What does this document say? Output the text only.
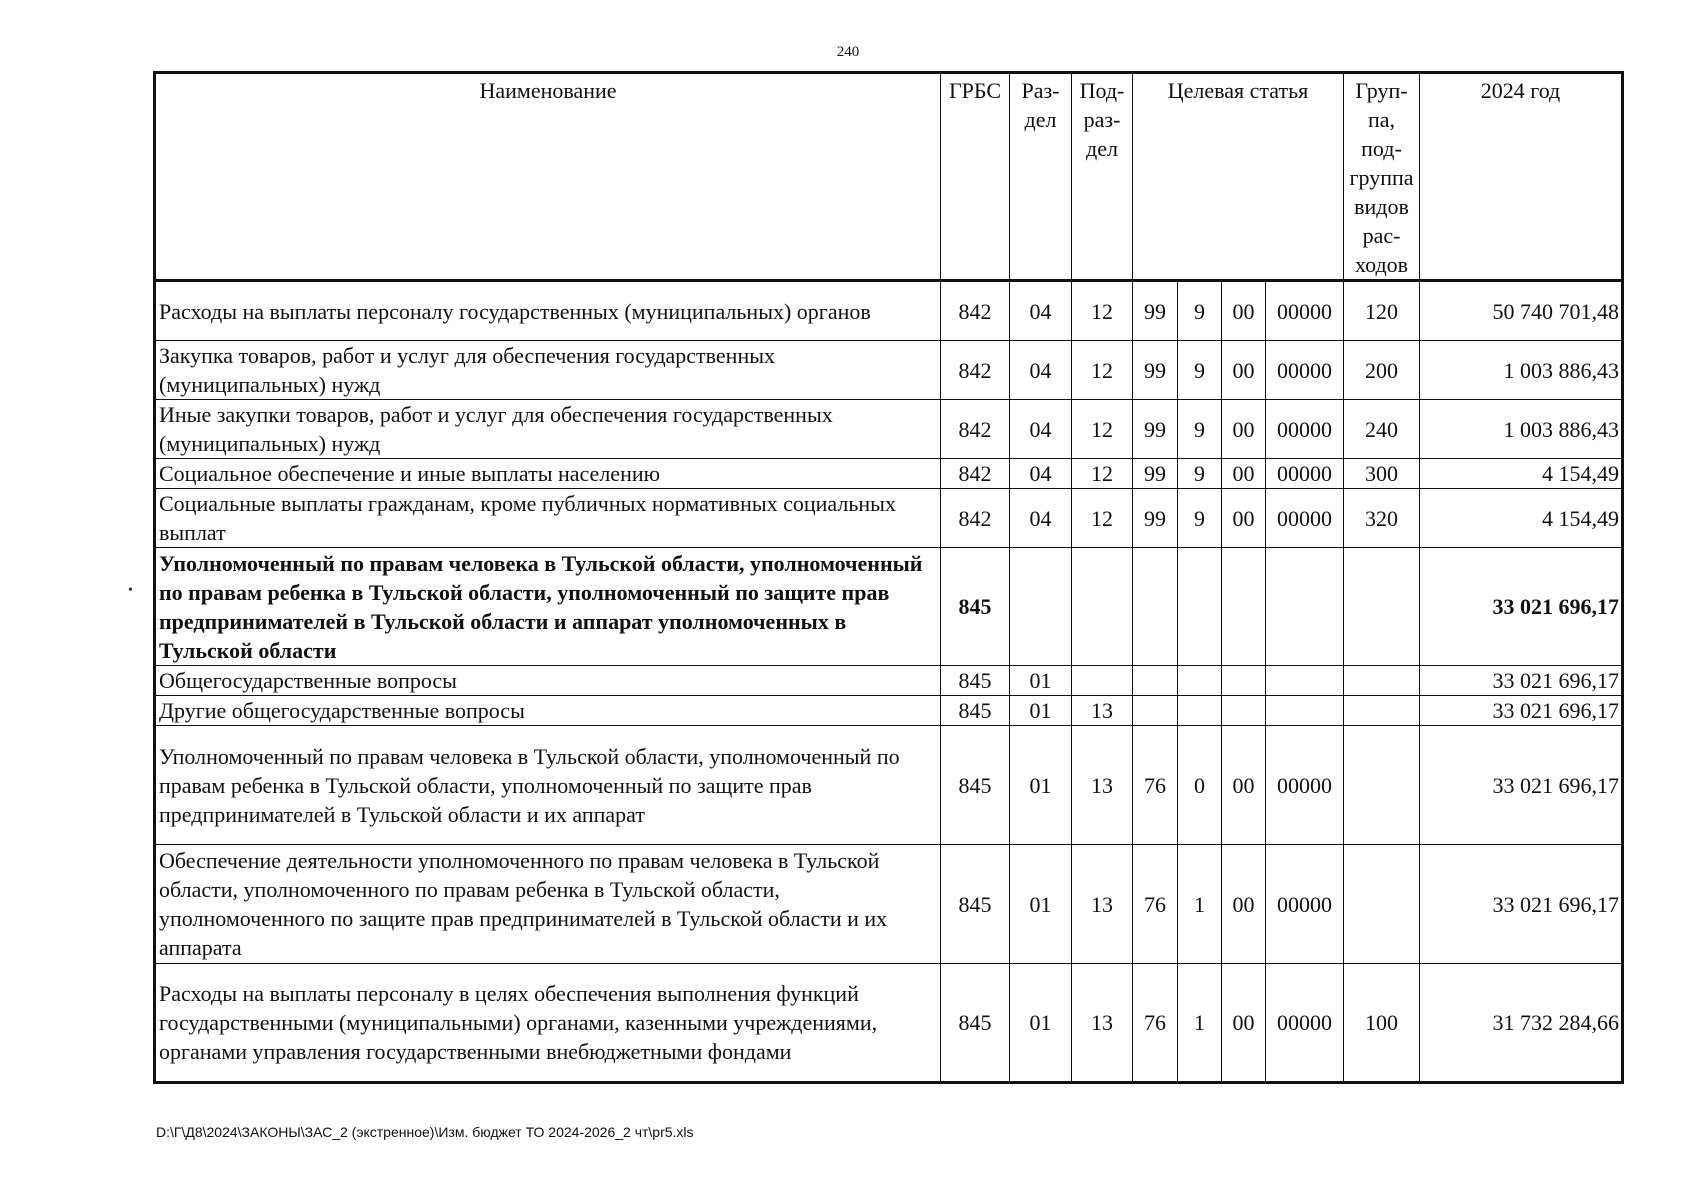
240
Наименование	ГРБС	Раз-дел	Под-раз-дел	Целевая статья				Груп-па, под-группа видов рас-ходов	2024 год
Расходы на выплаты персоналу государственных (муниципальных) органов	842	04	12	99	9	00	00000	120	50 740 701,48
Закупка товаров, работ и услуг для обеспечения государственных (муниципальных) нужд	842	04	12	99	9	00	00000	200	1 003 886,43
Иные закупки товаров, работ и услуг для обеспечения государственных (муниципальных) нужд	842	04	12	99	9	00	00000	240	1 003 886,43
Социальное обеспечение и иные выплаты населению	842	04	12	99	9	00	00000	300	4 154,49
Социальные выплаты гражданам, кроме публичных нормативных социальных выплат	842	04	12	99	9	00	00000	320	4 154,49
Уполномоченный по правам человека в Тульской области, уполномоченный по правам ребенка в Тульской области, уполномоченный по защите прав предпринимателей в Тульской области и аппарат уполномоченных в Тульской области	845								33 021 696,17
Общегосударственные вопросы	845	01							33 021 696,17
Другие общегосударственные вопросы	845	01	13						33 021 696,17
Уполномоченный по правам человека в Тульской области, уполномоченный по правам ребенка в Тульской области, уполномоченный по защите прав предпринимателей в Тульской области и их аппарат	845	01	13	76	0	00	00000		33 021 696,17
Обеспечение деятельности уполномоченного по правам человека в Тульской области, уполномоченного по правам ребенка в Тульской области, уполномоченного по защите прав предпринимателей в Тульской области и их аппарата	845	01	13	76	1	00	00000		33 021 696,17
Расходы на выплаты персоналу в целях обеспечения выполнения функций государственными (муниципальными) органами, казенными учреждениями, органами управления государственными внебюджетными фондами	845	01	13	76	1	00	00000	100	31 732 284,66
D:\Г\Д8\2024\ЗАКОНЫ\ЗАС_2 (экстренное)\Изм. бюджет ТО 2024-2026_2 чт\pr5.xls
•
